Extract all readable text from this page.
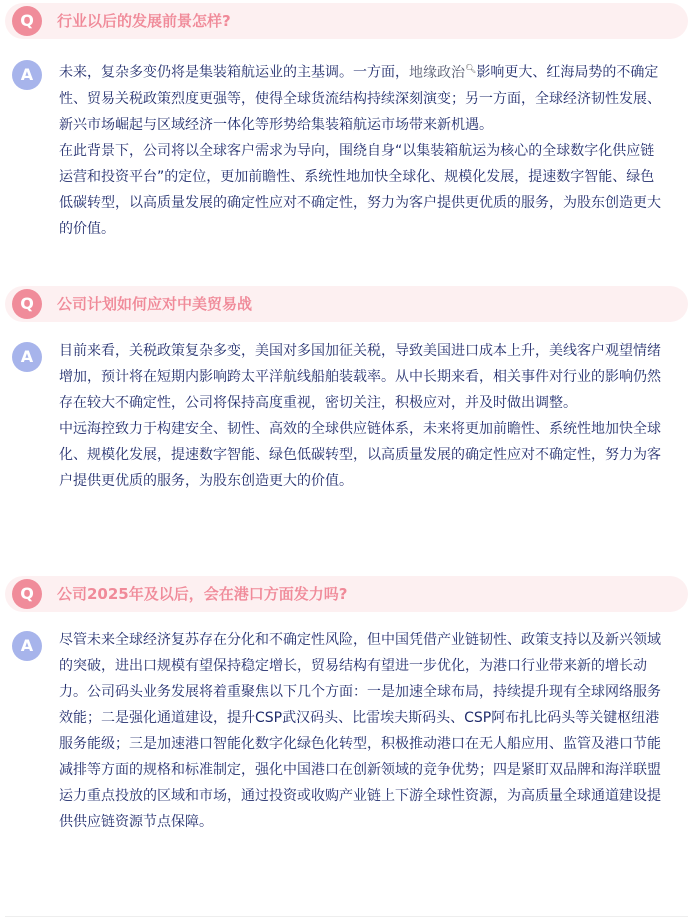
Q	行业以后的发展前景怎样?
A	未来，复杂多变仍将是集装箱航运业的主基调。一方面，地缘政治🔍︎影响更大、红海局势的不确定性、贸易关税政策烈度更强等，使得全球货流结构持续深刻演变；另一方面，全球经济韧性发展、新兴市场崛起与区域经济一体化等形势给集装箱航运市场带来新机遇。

在此背景下，公司将以全球客户需求为导向，围绕自身“以集装箱航运为核心的全球数字化供应链运营和投资平台”的定位，更加前瞻性、系统性地加快全球化、规模化发展，提速数字智能、绿色低碳转型，以高质量发展的确定性应对不确定性，努力为客户提供更优质的服务，为股东创造更大的价值。

Q	公司计划如何应对中美贸易战
A	目前来看，关税政策复杂多变，美国对多国加征关税，导致美国进口成本上升，美线客户观望情绪增加，预计将在短期内影响跨太平洋航线船舶装载率。从中长期来看，相关事件对行业的影响仍然存在较大不确定性，公司将保持高度重视，密切关注，积极应对，并及时做出调整。

中远海控致力于构建安全、韧性、高效的全球供应链体系，未来将更加前瞻性、系统性地加快全球化、规模化发展，提速数字智能、绿色低碳转型，以高质量发展的确定性应对不确定性，努力为客户提供更优质的服务，为股东创造更大的价值。

Q	公司2025年及以后，会在港口方面发力吗?
A	尽管未来全球经济复苏存在分化和不确定性风险，但中国凭借产业链韧性、政策支持以及新兴领域的突破，进出口规模有望保持稳定增长，贸易结构有望进一步优化，为港口行业带来新的增长动力。公司码头业务发展将着重聚焦以下几个方面：一是加速全球布局，持续提升现有全球网络服务效能；二是强化通道建设，提升CSP武汉码头、比雷埃夫斯码头、CSP阿布扎比码头等关键枢纽港服务能级；三是加速港口智能化数字化绿色化转型，积极推动港口在无人船应用、监管及港口节能减排等方面的规格和标准制定，强化中国港口在创新领域的竞争优势；四是紧盯双品牌和海洋联盟运力重点投放的区域和市场，通过投资或收购产业链上下游全球性资源，为高质量全球通道建设提供供应链资源节点保障。
